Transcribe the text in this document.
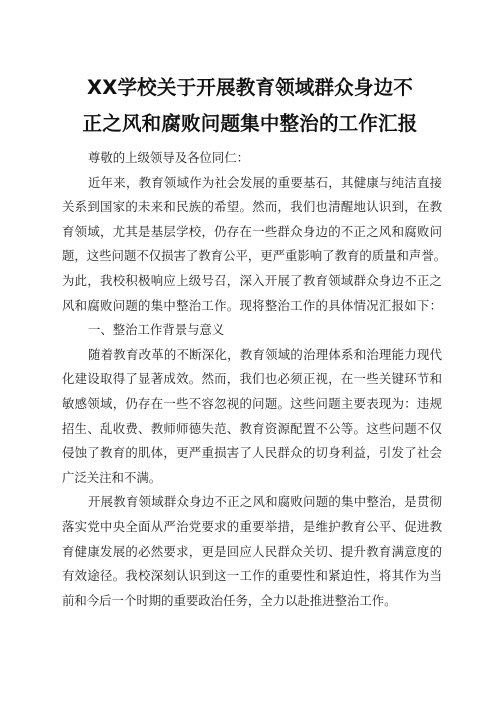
XX学校关于开展教育领域群众身边不
正之风和腐败问题集中整治的工作汇报
尊敬的上级领导及各位同仁：
近年来，教育领域作为社会发展的重要基石，其健康与纯洁直接
关系到国家的未来和民族的希望。然而，我们也清醒地认识到，在教
育领域，尤其是基层学校，仍存在一些群众身边的不正之风和腐败问
题，这些问题不仅损害了教育公平，更严重影响了教育的质量和声誉。
为此，我校积极响应上级号召，深入开展了教育领域群众身边不正之
风和腐败问题的集中整治工作。现将整治工作的具体情况汇报如下：
一、整治工作背景与意义
随着教育改革的不断深化，教育领域的治理体系和治理能力现代
化建设取得了显著成效。然而，我们也必须正视，在一些关键环节和
敏感领域，仍存在一些不容忽视的问题。这些问题主要表现为：违规
招生、乱收费、教师师德失范、教育资源配置不公等。这些问题不仅
侵蚀了教育的肌体，更严重损害了人民群众的切身利益，引发了社会
广泛关注和不满。
开展教育领域群众身边不正之风和腐败问题的集中整治，是贯彻
落实党中央全面从严治党要求的重要举措，是维护教育公平、促进教
育健康发展的必然要求，更是回应人民群众关切、提升教育满意度的
有效途径。我校深刻认识到这一工作的重要性和紧迫性，将其作为当
前和今后一个时期的重要政治任务，全力以赴推进整治工作。
